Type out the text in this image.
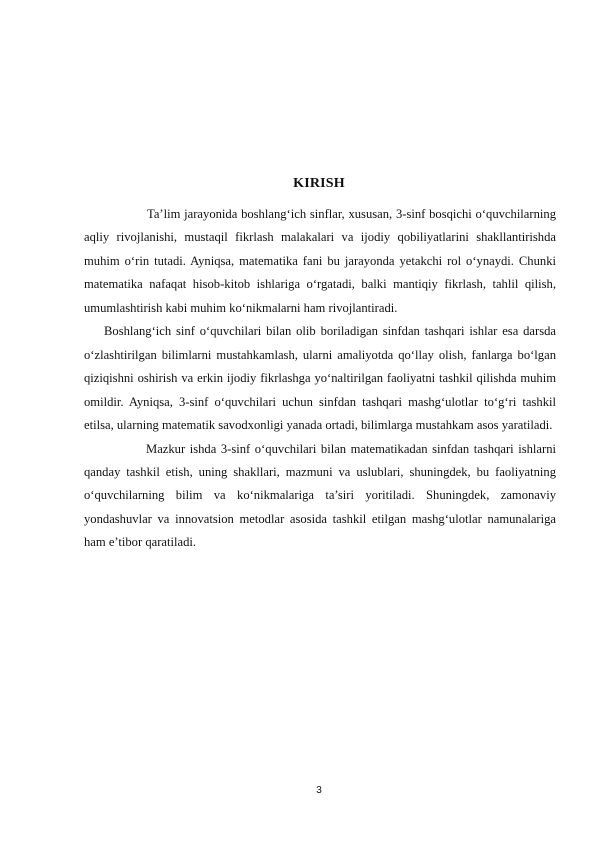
KIRISH

Ta’lim jarayonida boshlang‘ich sinflar, xususan, 3-sinf bosqichi o‘quvchilarning aqliy rivojlanishi, mustaqil fikrlash malakalari va ijodiy qobiliyatlarini shakllantirishda muhim o‘rin tutadi. Ayniqsa, matematika fani bu jarayonda yetakchi rol o‘ynaydi. Chunki matematika nafaqat hisob-kitob ishlariga o‘rgatadi, balki mantiqiy fikrlash, tahlil qilish, umumlashtirish kabi muhim ko‘nikmalarni ham rivojlantiradi.

Boshlang‘ich sinf o‘quvchilari bilan olib boriladigan sinfdan tashqari ishlar esa darsda o‘zlashtirilgan bilimlarni mustahkamlash, ularni amaliyotda qo‘llay olish, fanlarga bo‘lgan qiziqishni oshirish va erkin ijodiy fikrlashga yo‘naltirilgan faoliyatni tashkil qilishda muhim omildir. Ayniqsa, 3-sinf o‘quvchilari uchun sinfdan tashqari mashg‘ulotlar to‘g‘ri tashkil etilsa, ularning matematik savodxonligi yanada ortadi, bilimlarga mustahkam asos yaratiladi.

Mazkur ishda 3-sinf o‘quvchilari bilan matematikadan sinfdan tashqari ishlarni qanday tashkil etish, uning shakllari, mazmuni va uslublari, shuningdek, bu faoliyatning o‘quvchilarning bilim va ko‘nikmalariga ta’siri yoritiladi. Shuningdek, zamonaviy yondashuvlar va innovatsion metodlar asosida tashkil etilgan mashg‘ulotlar namunalariga ham e’tibor qaratiladi.

3
